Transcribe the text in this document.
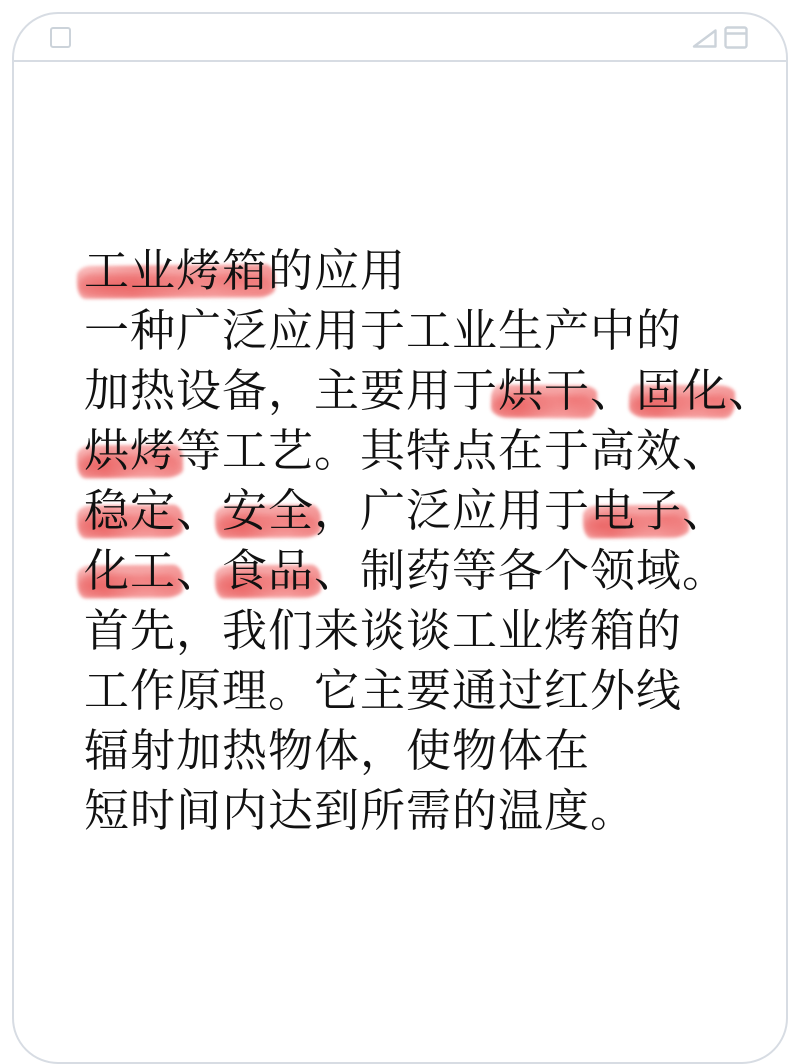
工业烤箱的应用
一种广泛应用于工业生产中的
加热设备，主要用于烘干、固化、
烘烤等工艺。其特点在于高效、
稳定、安全，广泛应用于电子、
化工、食品、制药等各个领域。
首先，我们来谈谈工业烤箱的
工作原理。它主要通过红外线
辐射加热物体，使物体在
短时间内达到所需的温度。
